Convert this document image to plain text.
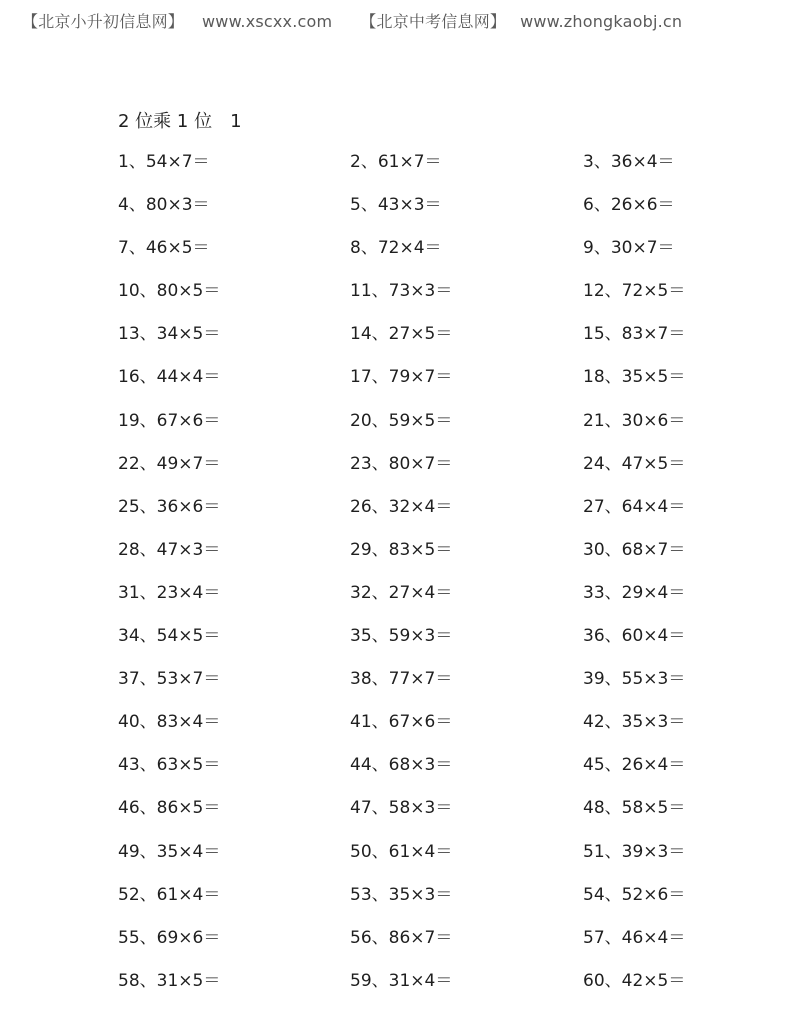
【北京小升初信息网】 www.xscxx.com 【北京中考信息网】 www.zhongkaobj.cn
2 位乘 1 位　1
1、54×7＝	2、61×7＝	3、36×4＝
4、80×3＝	5、43×3＝	6、26×6＝
7、46×5＝	8、72×4＝	9、30×7＝
10、80×5＝	11、73×3＝	12、72×5＝
13、34×5＝	14、27×5＝	15、83×7＝
16、44×4＝	17、79×7＝	18、35×5＝
19、67×6＝	20、59×5＝	21、30×6＝
22、49×7＝	23、80×7＝	24、47×5＝
25、36×6＝	26、32×4＝	27、64×4＝
28、47×3＝	29、83×5＝	30、68×7＝
31、23×4＝	32、27×4＝	33、29×4＝
34、54×5＝	35、59×3＝	36、60×4＝
37、53×7＝	38、77×7＝	39、55×3＝
40、83×4＝	41、67×6＝	42、35×3＝
43、63×5＝	44、68×3＝	45、26×4＝
46、86×5＝	47、58×3＝	48、58×5＝
49、35×4＝	50、61×4＝	51、39×3＝
52、61×4＝	53、35×3＝	54、52×6＝
55、69×6＝	56、86×7＝	57、46×4＝
58、31×5＝	59、31×4＝	60、42×5＝
